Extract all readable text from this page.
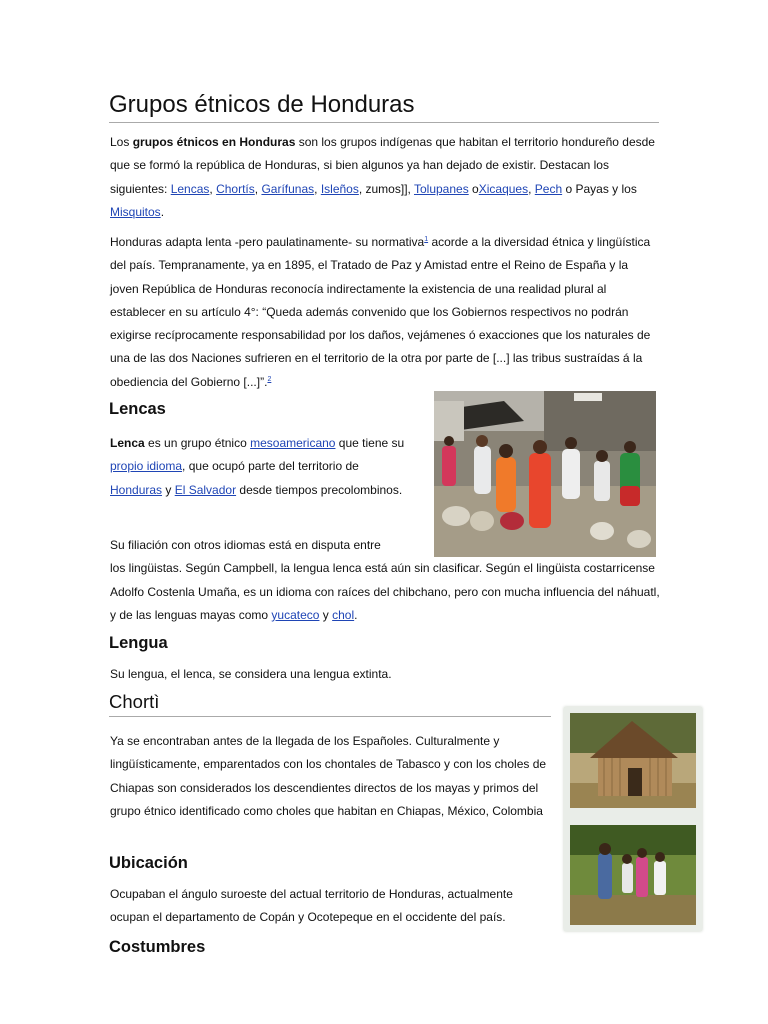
Grupos étnicos de Honduras

Los grupos étnicos en Honduras son los grupos indígenas que habitan el territorio hondureño desde que se formó la república de Honduras, si bien algunos ya han dejado de existir. Destacan los siguientes: Lencas, Chortís, Garífunas, Isleños, zumos]], Tolupanes oXicaques, Pech o Payas y los Misquitos.

Honduras adapta lenta -pero paulatinamente- su normativa$^1$ acorde a la diversidad étnica y lingüística del país. Tempranamente, ya en 1895, el Tratado de Paz y Amistad entre el Reino de España y la joven República de Honduras reconocía indirectamente la existencia de una realidad plural al establecer en su artículo 4°: “Queda además convenido que los Gobiernos respectivos no podrán exigirse recíprocamente responsabilidad por los daños, vejámenes ó exacciones que los naturales de una de las dos Naciones sufrieren en el territorio de la otra por parte de [...] las tribus sustraídas á la obediencia del Gobierno [...]”.$^2$

Lencas

Lenca es un grupo étnico mesoamericano que tiene su propio idioma, que ocupó parte del territorio de Honduras y El Salvador desde tiempos precolombinos.

Su filiación con otros idiomas está en disputa entre
los lingüistas. Según Campbell, la lengua lenca está aún sin clasificar. Según el lingüista costarricense Adolfo Costenla Umaña, es un idioma con raíces del chibchano, pero con mucha influencia del náhuatl, y de las lenguas mayas como yucateco y chol.

Lengua

Su lengua, el lenca, se considera una lengua extinta.

Chortì

Ya se encontraban antes de la llegada de los Españoles. Culturalmente y lingüísticamente, emparentados con los chontales de Tabasco y con los choles de Chiapas son considerados los descendientes directos de los mayas y primos del grupo étnico identificado como choles que habitan en Chiapas, México, Colombia

Ubicación

Ocupaban el ángulo suroeste del actual territorio de Honduras, actualmente ocupan el departamento de Copán y Ocotepeque en el occidente del país.

Costumbres
